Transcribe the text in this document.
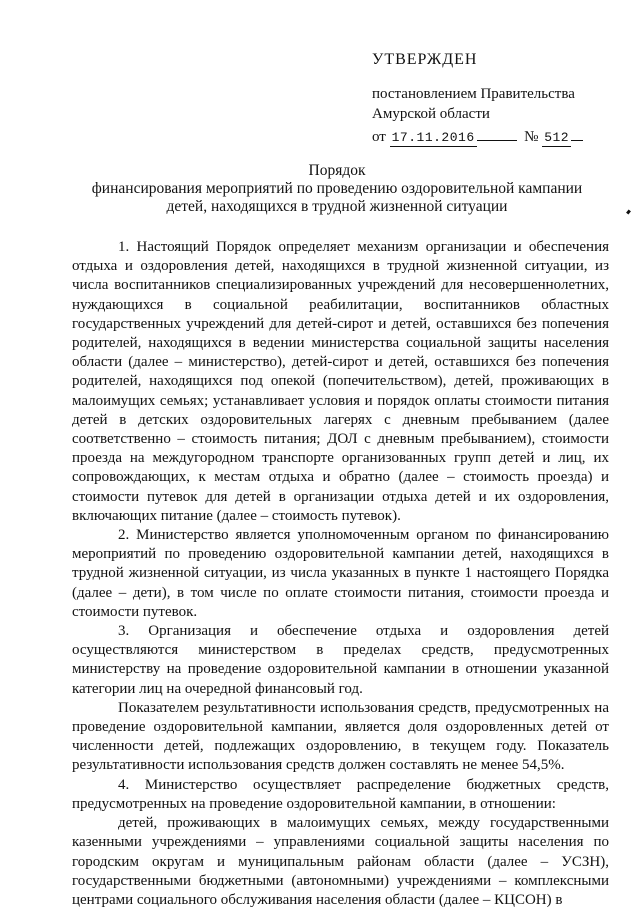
УТВЕРЖДЕН
постановлением Правительства
Амурской области
от 17.11.2016	№ 512
Порядок
финансирования мероприятий по проведению оздоровительной кампании
детей, находящихся в трудной жизненной ситуации

1. Настоящий Порядок определяет механизм организации и обеспечения отдыха и оздоровления детей, находящихся в трудной жизненной ситуации, из числа воспитанников специализированных учреждений для несовершеннолетних, нуждающихся в социальной реабилитации, воспитанников областных государственных учреждений для детей-сирот и детей, оставшихся без попечения родителей, находящихся в ведении министерства социальной защиты населения области (далее – министерство), детей-сирот и детей, оставшихся без попечения родителей, находящихся под опекой (попечительством), детей, проживающих в малоимущих семьях; устанавливает условия и порядок оплаты стоимости питания детей в детских оздоровительных лагерях с дневным пребыванием (далее соответственно – стоимость питания; ДОЛ с дневным пребыванием), стоимости проезда на междугородном транспорте организованных групп детей и лиц, их сопровождающих, к местам отдыха и обратно (далее – стоимость проезда) и стоимости путевок для детей в организации отдыха детей и их оздоровления, включающих питание (далее – стоимость путевок).

2. Министерство является уполномоченным органом по финансированию мероприятий по проведению оздоровительной кампании детей, находящихся в трудной жизненной ситуации, из числа указанных в пункте 1 настоящего Порядка (далее – дети), в том числе по оплате стоимости питания, стоимости проезда и стоимости путевок.

3. Организация и обеспечение отдыха и оздоровления детей осуществляются министерством в пределах средств, предусмотренных министерству на проведение оздоровительной кампании в отношении указанной категории лиц на очередной финансовый год.

Показателем результативности использования средств, предусмотренных на проведение оздоровительной кампании, является доля оздоровленных детей от численности детей, подлежащих оздоровлению, в текущем году. Показатель результативности использования средств должен составлять не менее 54,5%.

4. Министерство осуществляет распределение бюджетных средств, предусмотренных на проведение оздоровительной кампании, в отношении:

детей, проживающих в малоимущих семьях, между государственными казенными учреждениями – управлениями социальной защиты населения по городским округам и муниципальным районам области (далее – УСЗН), государственными бюджетными (автономными) учреждениями – комплексными центрами социального обслуживания населения области (далее – КЦСОН) в
